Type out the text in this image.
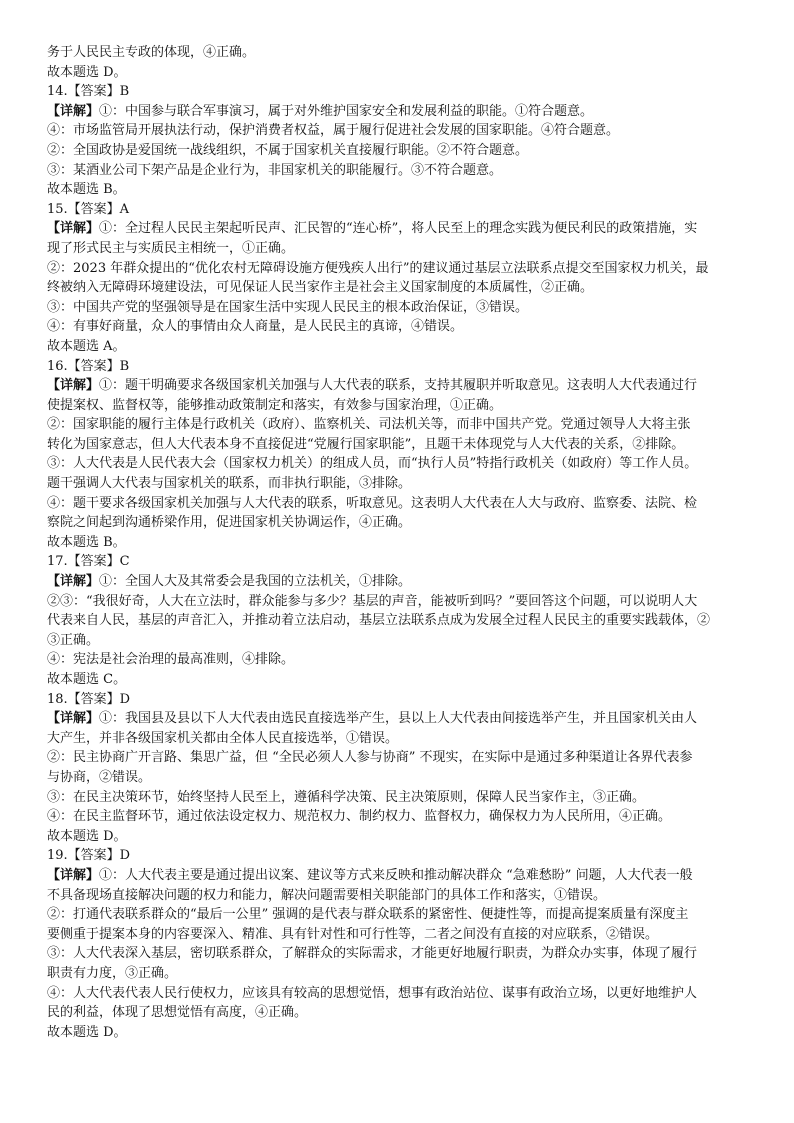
务于人民民主专政的体现，④正确。
故本题选 D。
14.【答案】B
【详解】①：中国参与联合军事演习，属于对外维护国家安全和发展利益的职能。①符合题意。
④：市场监管局开展执法行动，保护消费者权益，属于履行促进社会发展的国家职能。④符合题意。
②：全国政协是爱国统一战线组织，不属于国家机关直接履行职能。②不符合题意。
③：某酒业公司下架产品是企业行为，非国家机关的职能履行。③不符合题意。
故本题选 B。
15.【答案】A
【详解】①：全过程人民民主架起听民声、汇民智的“连心桥”，将人民至上的理念实践为便民利民的政策措施，实
现了形式民主与实质民主相统一，①正确。
②：2023 年群众提出的“优化农村无障碍设施方便残疾人出行”的建议通过基层立法联系点提交至国家权力机关，最
终被纳入无障碍环境建设法，可见保证人民当家作主是社会主义国家制度的本质属性，②正确。
③：中国共产党的坚强领导是在国家生活中实现人民民主的根本政治保证，③错误。
④：有事好商量，众人的事情由众人商量，是人民民主的真谛，④错误。
故本题选 A。
16.【答案】B
【详解】①：题干明确要求各级国家机关加强与人大代表的联系，支持其履职并听取意见。这表明人大代表通过行
使提案权、监督权等，能够推动政策制定和落实，有效参与国家治理，①正确。
②：国家职能的履行主体是行政机关（政府）、监察机关、司法机关等，而非中国共产党。党通过领导人大将主张
转化为国家意志，但人大代表本身不直接促进“党履行国家职能”，且题干未体现党与人大代表的关系，②排除。
③：人大代表是人民代表大会（国家权力机关）的组成人员，而“执行人员”特指行政机关（如政府）等工作人员。
题干强调人大代表与国家机关的联系，而非执行职能，③排除。
④：题干要求各级国家机关加强与人大代表的联系，听取意见。这表明人大代表在人大与政府、监察委、法院、检
察院之间起到沟通桥梁作用，促进国家机关协调运作，④正确。
故本题选 B。
17.【答案】C
【详解】①：全国人大及其常委会是我国的立法机关，①排除。
②③：“我很好奇，人大在立法时，群众能参与多少？基层的声音，能被听到吗？”要回答这个问题，可以说明人大
代表来自人民，基层的声音汇入，并推动着立法启动，基层立法联系点成为发展全过程人民民主的重要实践载体，②
③正确。
④：宪法是社会治理的最高准则，④排除。
故本题选 C。
18.【答案】D
【详解】①：我国县及县以下人大代表由选民直接选举产生，县以上人大代表由间接选举产生，并且国家机关由人
大产生，并非各级国家机关都由全体人民直接选举，①错误。
②：民主协商广开言路、集思广益，但 “全民必须人人参与协商” 不现实，在实际中是通过多种渠道让各界代表参
与协商，②错误。
③：在民主决策环节，始终坚持人民至上，遵循科学决策、民主决策原则，保障人民当家作主，③正确。
④：在民主监督环节，通过依法设定权力、规范权力、制约权力、监督权力，确保权力为人民所用，④正确。
故本题选 D。
19.【答案】D
【详解】①：人大代表主要是通过提出议案、建议等方式来反映和推动解决群众 “急难愁盼” 问题，人大代表一般
不具备现场直接解决问题的权力和能力，解决问题需要相关职能部门的具体工作和落实，①错误。
②：打通代表联系群众的“最后一公里” 强调的是代表与群众联系的紧密性、便捷性等，而提高提案质量有深度主
要侧重于提案本身的内容要深入、精准、具有针对性和可行性等，二者之间没有直接的对应联系，②错误。
③：人大代表深入基层，密切联系群众，了解群众的实际需求，才能更好地履行职责，为群众办实事，体现了履行
职责有力度，③正确。
④：人大代表代表人民行使权力，应该具有较高的思想觉悟，想事有政治站位、谋事有政治立场，以更好地维护人
民的利益，体现了思想觉悟有高度，④正确。
故本题选 D。
